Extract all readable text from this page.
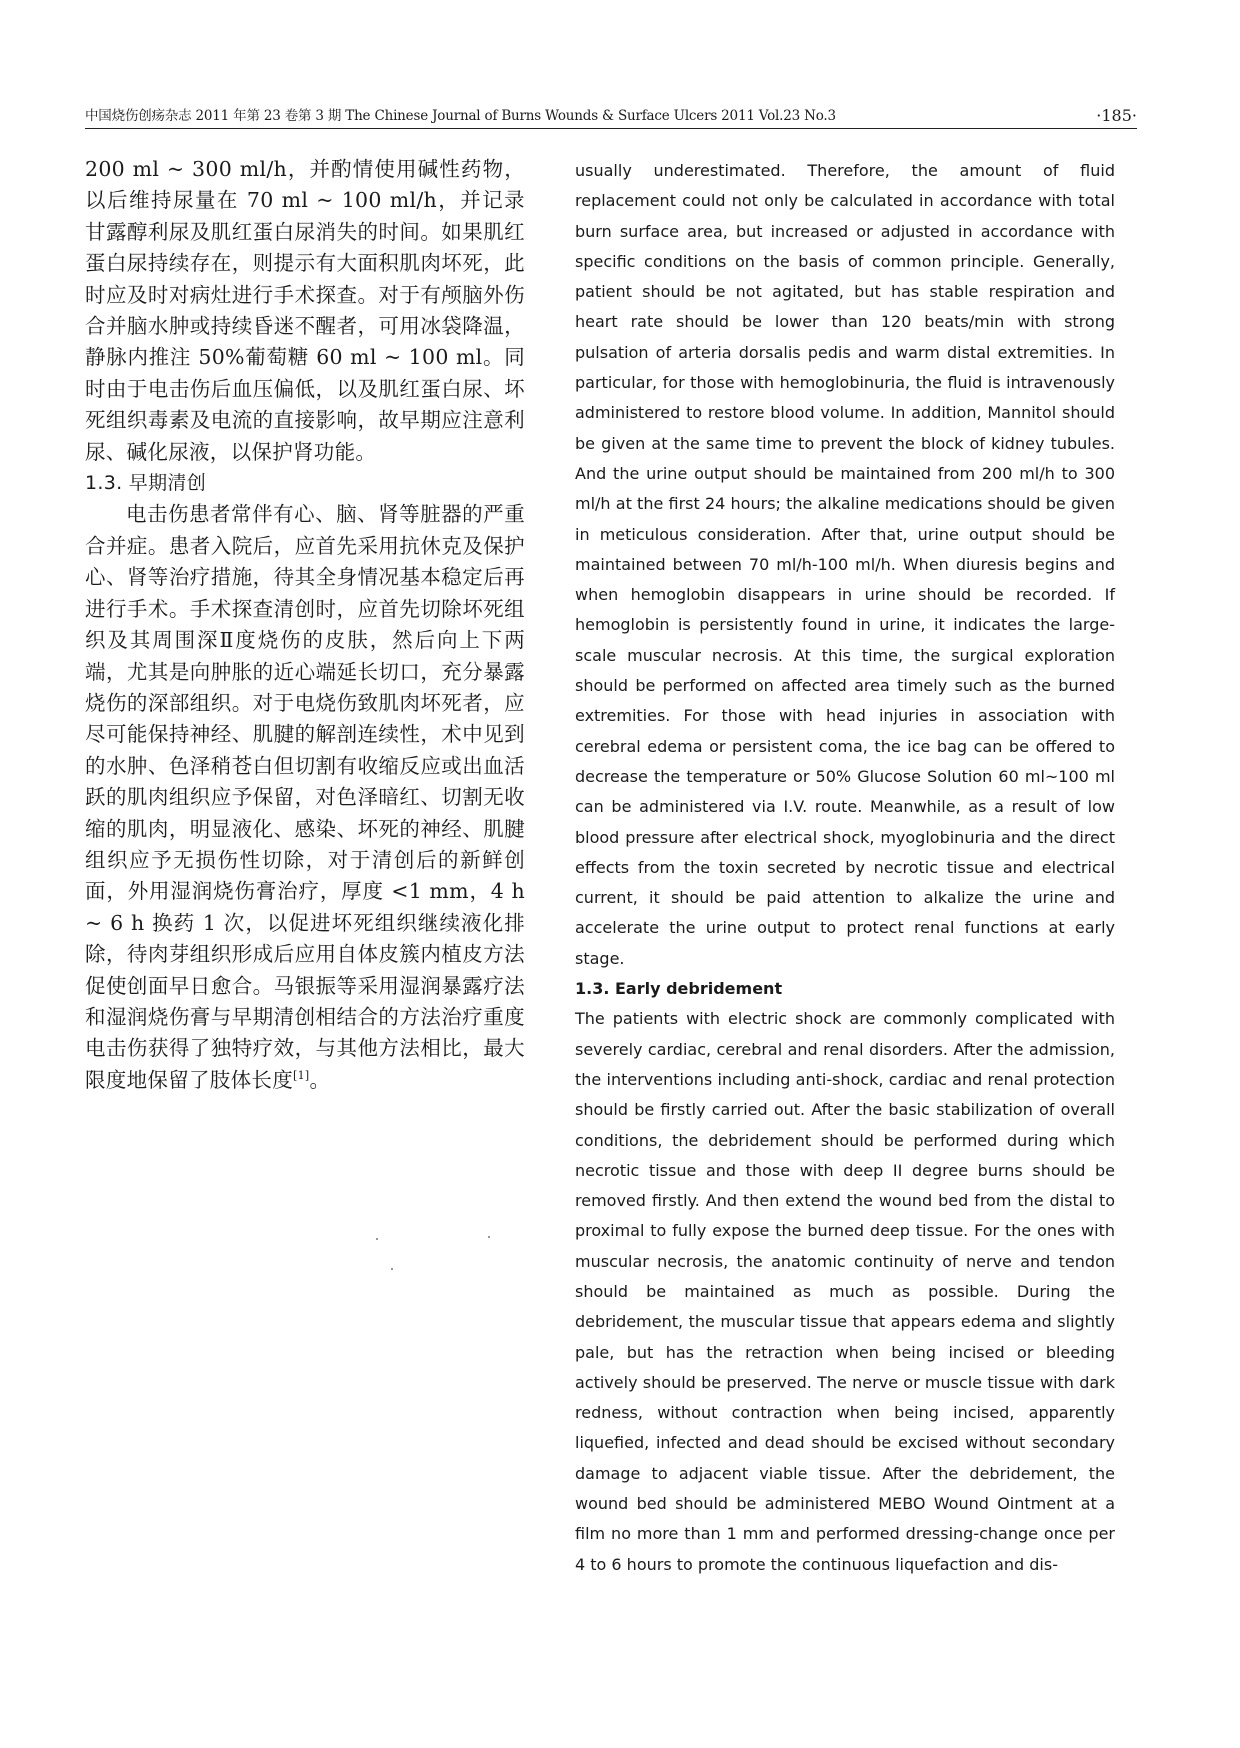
中国烧伤创疡杂志 2011 年第 23 卷第 3 期 The Chinese Journal of Burns Wounds & Surface Ulcers 2011 Vol.23 No.3	·185·

200 ml ~ 300 ml/h，并酌情使用碱性药物，以后维持尿量在 70 ml ~ 100 ml/h，并记录甘露醇利尿及肌红蛋白尿消失的时间。如果肌红蛋白尿持续存在，则提示有大面积肌肉坏死，此时应及时对病灶进行手术探查。对于有颅脑外伤合并脑水肿或持续昏迷不醒者，可用冰袋降温，静脉内推注 50%葡萄糖 60 ml ~ 100 ml。同时由于电击伤后血压偏低，以及肌红蛋白尿、坏死组织毒素及电流的直接影响，故早期应注意利尿、碱化尿液，以保护肾功能。

1.3. 早期清创

电击伤患者常伴有心、脑、肾等脏器的严重合并症。患者入院后，应首先采用抗休克及保护心、肾等治疗措施，待其全身情况基本稳定后再进行手术。手术探查清创时，应首先切除坏死组织及其周围深Ⅱ度烧伤的皮肤，然后向上下两端，尤其是向肿胀的近心端延长切口，充分暴露烧伤的深部组织。对于电烧伤致肌肉坏死者，应尽可能保持神经、肌腱的解剖连续性，术中见到的水肿、色泽稍苍白但切割有收缩反应或出血活跃的肌肉组织应予保留，对色泽暗红、切割无收缩的肌肉，明显液化、感染、坏死的神经、肌腱组织应予无损伤性切除，对于清创后的新鲜创面，外用湿润烧伤膏治疗，厚度 <1 mm，4 h ~ 6 h 换药 1 次，以促进坏死组织继续液化排除，待肉芽组织形成后应用自体皮簇内植皮方法促使创面早日愈合。马银振等采用湿润暴露疗法和湿润烧伤膏与早期清创相结合的方法治疗重度电击伤获得了独特疗效，与其他方法相比，最大限度地保留了肢体长度[1]。

usually underestimated. Therefore, the amount of fluid replacement could not only be calculated in accordance with total burn surface area, but increased or adjusted in accordance with specific conditions on the basis of common principle. Generally, patient should be not agitated, but has stable respiration and heart rate should be lower than 120 beats/min with strong pulsation of arteria dorsalis pedis and warm distal extremities. In particular, for those with hemoglobinuria, the fluid is intravenously administered to restore blood volume. In addition, Mannitol should be given at the same time to prevent the block of kidney tubules. And the urine output should be maintained from 200 ml/h to 300 ml/h at the first 24 hours; the alkaline medications should be given in meticulous consideration. After that, urine output should be maintained between 70 ml/h-100 ml/h. When diuresis begins and when hemoglobin disappears in urine should be recorded. If hemoglobin is persistently found in urine, it indicates the large-scale muscular necrosis. At this time, the surgical exploration should be performed on affected area timely such as the burned extremities. For those with head injuries in association with cerebral edema or persistent coma, the ice bag can be offered to decrease the temperature or 50% Glucose Solution 60 ml~100 ml can be administered via I.V. route. Meanwhile, as a result of low blood pressure after electrical shock, myoglobinuria and the direct effects from the toxin secreted by necrotic tissue and electrical current, it should be paid attention to alkalize the urine and accelerate the urine output to protect renal functions at early stage.

1.3. Early debridement

The patients with electric shock are commonly complicated with severely cardiac, cerebral and renal disorders. After the admission, the interventions including anti-shock, cardiac and renal protection should be firstly carried out. After the basic stabilization of overall conditions, the debridement should be performed during which necrotic tissue and those with deep II degree burns should be removed firstly. And then extend the wound bed from the distal to proximal to fully expose the burned deep tissue. For the ones with muscular necrosis, the anatomic continuity of nerve and tendon should be maintained as much as possible. During the debridement, the muscular tissue that appears edema and slightly pale, but has the retraction when being incised or bleeding actively should be preserved. The nerve or muscle tissue with dark redness, without contraction when being incised, apparently liquefied, infected and dead should be excised without secondary damage to adjacent viable tissue. After the debridement, the wound bed should be administered MEBO Wound Ointment at a film no more than 1 mm and performed dressing-change once per 4 to 6 hours to promote the continuous liquefaction and dis-
